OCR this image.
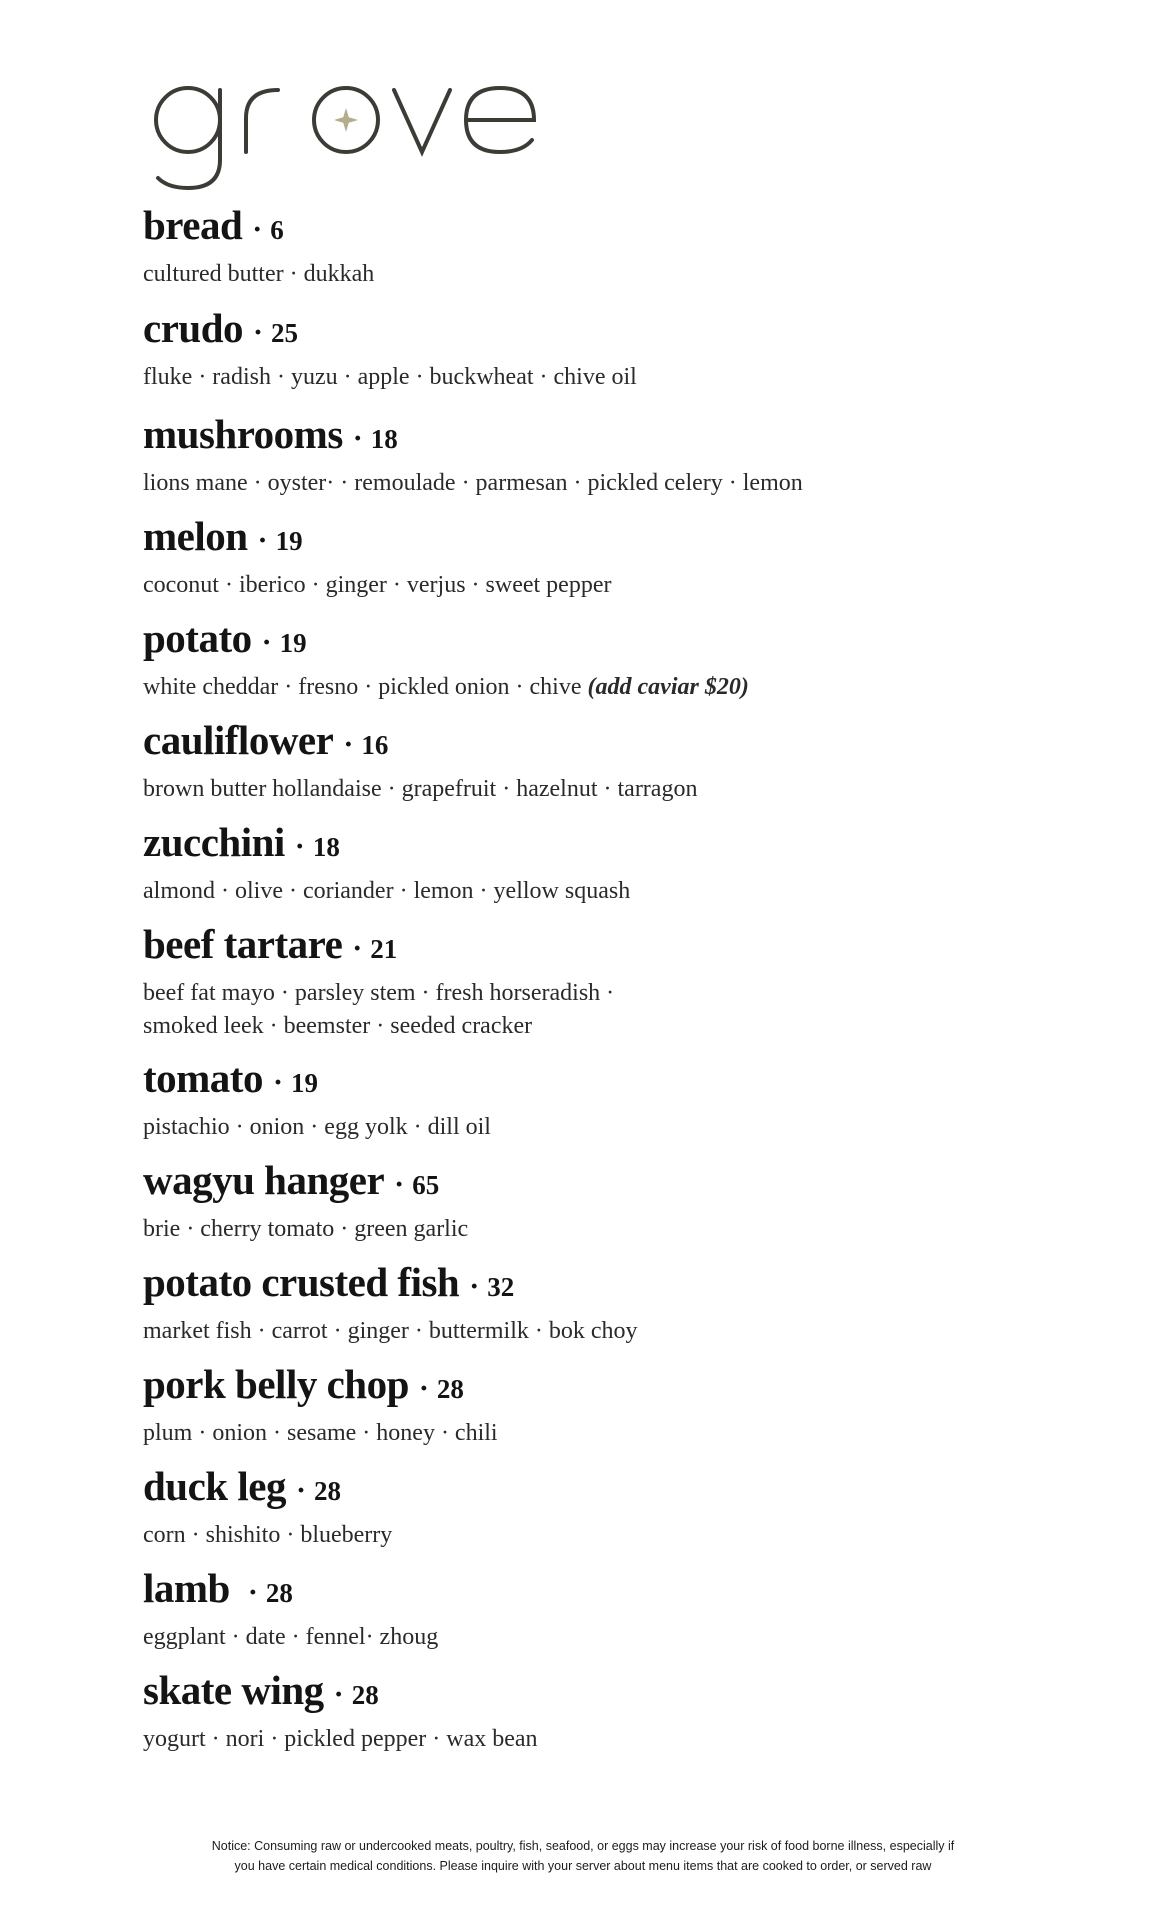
bread · 6
cultured butter · dukkah
crudo · 25
fluke · radish · yuzu · apple · buckwheat · chive oil
mushrooms · 18
lions mane · oyster· · remoulade · parmesan · pickled celery · lemon
melon · 19
coconut · iberico · ginger · verjus · sweet pepper
potato · 19
white cheddar · fresno · pickled onion · chive (add caviar $20)
cauliflower · 16
brown butter hollandaise · grapefruit · hazelnut · tarragon
zucchini · 18
almond · olive · coriander · lemon · yellow squash
beef tartare · 21
beef fat mayo · parsley stem · fresh horseradish ·
smoked leek · beemster · seeded cracker
tomato · 19
pistachio · onion · egg yolk · dill oil
wagyu hanger · 65
brie · cherry tomato · green garlic
potato crusted fish · 32
market fish · carrot · ginger · buttermilk · bok choy
pork belly chop · 28
plum · onion · sesame · honey · chili
duck leg · 28
corn · shishito · blueberry
lamb · 28
eggplant · date · fennel· zhoug
skate wing · 28
yogurt · nori · pickled pepper · wax bean
Notice: Consuming raw or undercooked meats, poultry, fish, seafood, or eggs may increase your risk of food borne illness, especially if
you have certain medical conditions. Please inquire with your server about menu items that are cooked to order, or served raw
